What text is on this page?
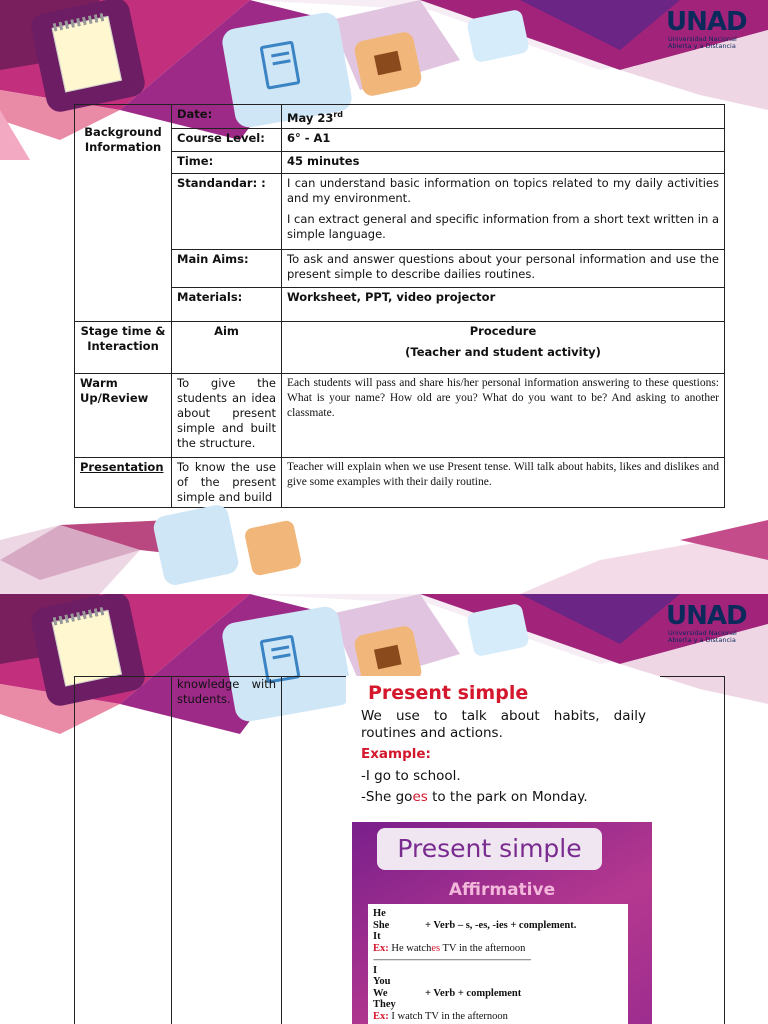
UNAD
Universidad Nacional
Abierta y a Distancia
Background Information	Date:	May 23rd
	Course Level:	6° - A1
	Time:	45 minutes
	Standandar: :	I can understand basic information on topics related to my daily activities and my environment.
I can extract general and specific information from a short text written in a simple language.

	Main Aims:	To ask and answer questions about your personal information and use the present simple to describe dailies routines.
	Materials:	Worksheet, PPT, video projector
Stage time & Interaction	Aim	Procedure
(Teacher and student activity)

Warm Up/Review	To give the students an idea about present simple and built the structure.	Each students will pass and share his/her personal information answering to these questions: What is your name? How old are you? What do you want to be? And asking to another classmate.
Presentation	To know the use of the present simple and build	Teacher will explain when we use Present tense. Will talk about habits, likes and dislikes and give some examples with their daily routine.
UNAD
Universidad Nacional
Abierta y a Distancia
	knowledge with students.		Present simple
We use to talk about habits, daily routines and actions.
Example:
-I go to school.
-She goes to the park on Monday.
Present simple
Affirmative
He
She	+ Verb – s, -es, -ies + complement.
It
Ex: He watches TV in the afternoon
----------------------------------------------------------------------
I
You
We	+ Verb + complement
They
Ex: I watch TV in the afternoon
